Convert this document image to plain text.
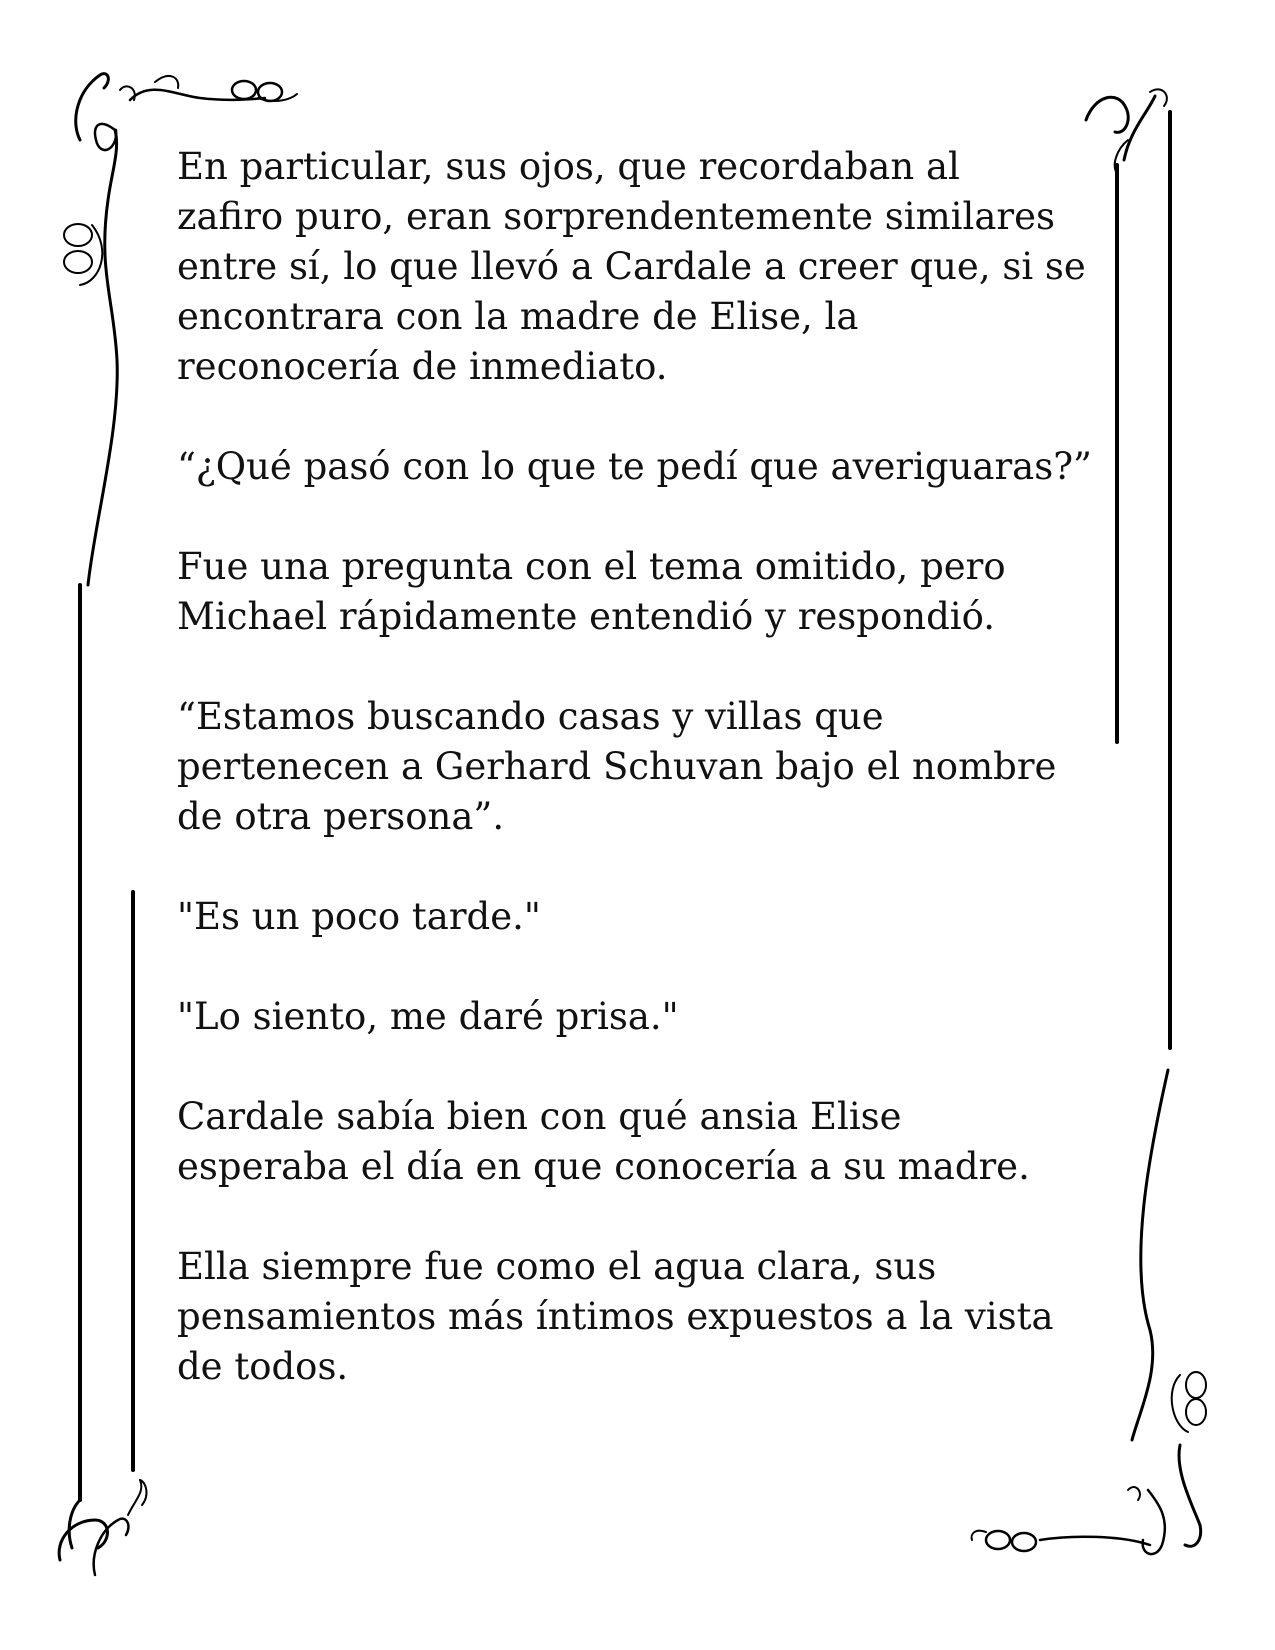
En particular, sus ojos, que recordaban al
zafiro puro, eran sorprendentemente similares
entre sí, lo que llevó a Cardale a creer que, si se
encontrara con la madre de Elise, la
reconocería de inmediato.

“¿Qué pasó con lo que te pedí que averiguaras?”

Fue una pregunta con el tema omitido, pero
Michael rápidamente entendió y respondió.

“Estamos buscando casas y villas que
pertenecen a Gerhard Schuvan bajo el nombre
de otra persona”.

"Es un poco tarde."

"Lo siento, me daré prisa."

Cardale sabía bien con qué ansia Elise
esperaba el día en que conocería a su madre.

Ella siempre fue como el agua clara, sus
pensamientos más íntimos expuestos a la vista
de todos.
